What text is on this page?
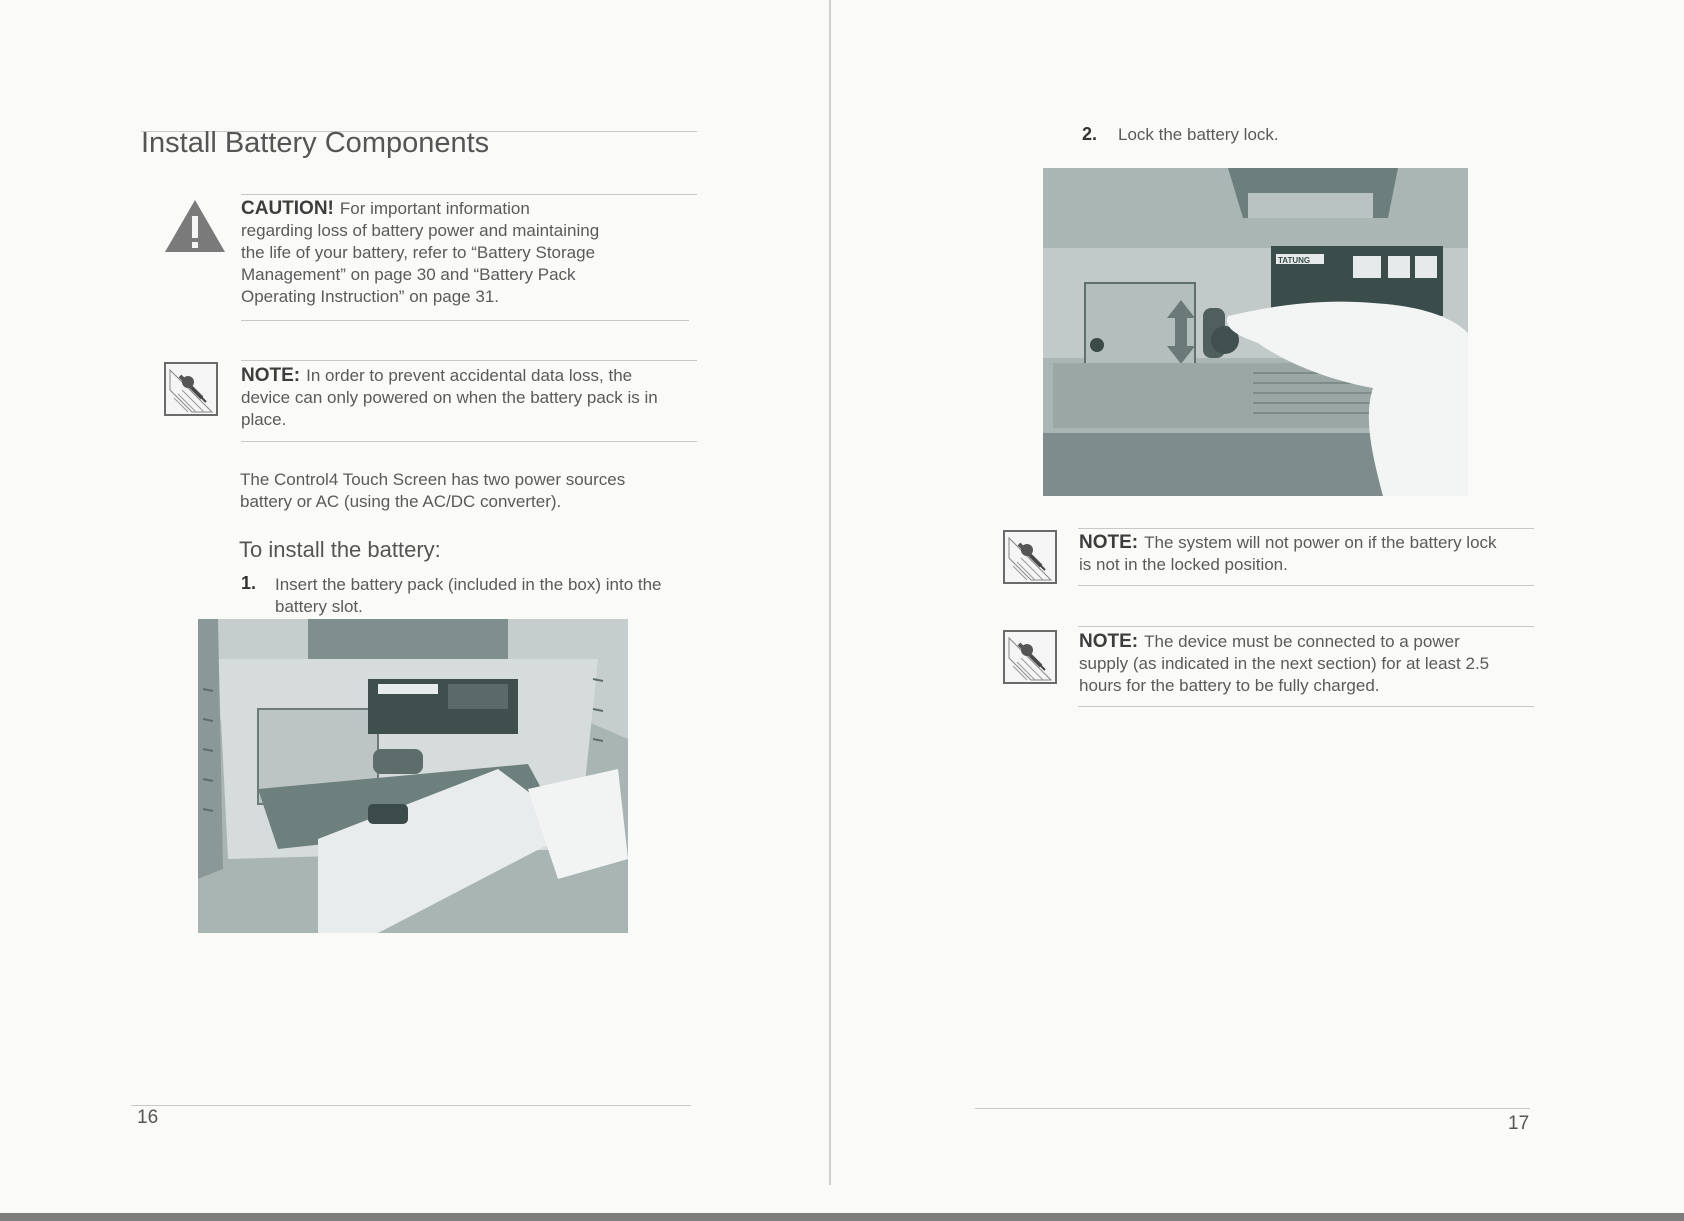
Install Battery Components
CAUTION! For important information
regarding loss of battery power and maintaining
the life of your battery, refer to “Battery Storage
Management” on page 30 and “Battery Pack
Operating Instruction” on page 31.
NOTE: In order to prevent accidental data loss, the
device can only powered on when the battery pack is in
place.
The Control4 Touch Screen has two power sources
battery or AC (using the AC/DC converter).
To install the battery:
1. Insert the battery pack (included in the box) into the
battery slot.
16
2. Lock the battery lock.
TATUNG
NOTE: The system will not power on if the battery lock
is not in the locked position.
NOTE: The device must be connected to a power
supply (as indicated in the next section) for at least 2.5
hours for the battery to be fully charged.
17
